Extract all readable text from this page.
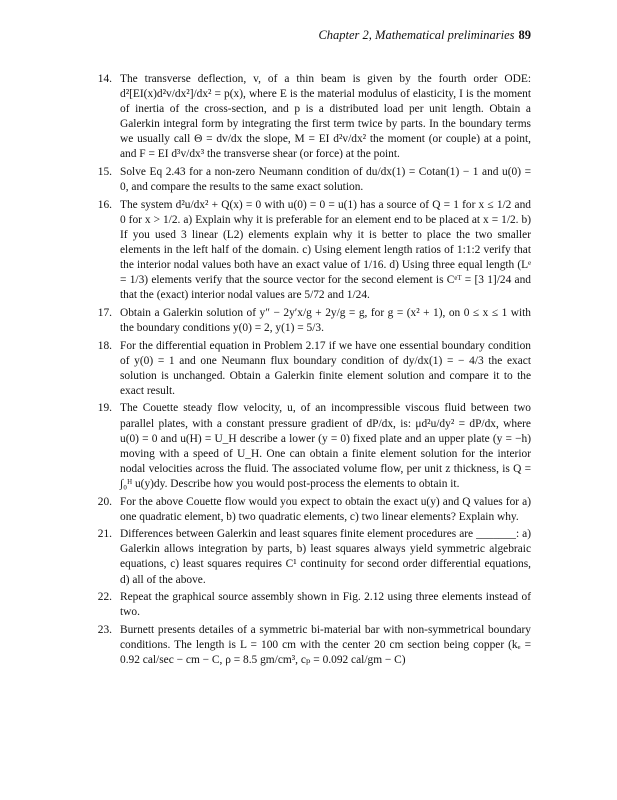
Chapter 2, Mathematical preliminaries 89
14. The transverse deflection, v, of a thin beam is given by the fourth order ODE: d²[EI(x)d²v/dx²]/dx² = p(x), where E is the material modulus of elasticity, I is the moment of inertia of the cross-section, and p is a distributed load per unit length. Obtain a Galerkin integral form by integrating the first term twice by parts. In the boundary terms we usually call Θ = dv/dx the slope, M = EI d²v/dx² the moment (or couple) at a point, and F = EI d³v/dx³ the transverse shear (or force) at the point.
15. Solve Eq 2.43 for a non-zero Neumann condition of du/dx(1) = Cotan(1) − 1 and u(0) = 0, and compare the results to the same exact solution.
16. The system d²u/dx² + Q(x) = 0 with u(0) = 0 = u(1) has a source of Q = 1 for x ≤ 1/2 and 0 for x > 1/2. a) Explain why it is preferable for an element end to be placed at x = 1/2. b) If you used 3 linear (L2) elements explain why it is better to place the two smaller elements in the left half of the domain. c) Using element length ratios of 1:1:2 verify that the interior nodal values both have an exact value of 1/16. d) Using three equal length (Lᵉ = 1/3) elements verify that the source vector for the second element is Cᵉᵀ = [3 1]/24 and that the (exact) interior nodal values are 5/72 and 1/24.
17. Obtain a Galerkin solution of y″ − 2y′x/g + 2y/g = g, for g = (x² + 1), on 0 ≤ x ≤ 1 with the boundary conditions y(0) = 2, y(1) = 5/3.
18. For the differential equation in Problem 2.17 if we have one essential boundary condition of y(0) = 1 and one Neumann flux boundary condition of dy/dx(1) = − 4/3 the exact solution is unchanged. Obtain a Galerkin finite element solution and compare it to the exact result.
19. The Couette steady flow velocity, u, of an incompressible viscous fluid between two parallel plates, with a constant pressure gradient of dP/dx, is: μd²u/dy² = dP/dx, where u(0) = 0 and u(H) = U_H describe a lower (y = 0) fixed plate and an upper plate (y = −h) moving with a speed of U_H. One can obtain a finite element solution for the interior nodal velocities across the fluid. The associated volume flow, per unit z thickness, is Q = ∫₀ᴴ u(y)dy. Describe how you would post-process the elements to obtain it.
20. For the above Couette flow would you expect to obtain the exact u(y) and Q values for a) one quadratic element, b) two quadratic elements, c) two linear elements? Explain why.
21. Differences between Galerkin and least squares finite element procedures are _______: a) Galerkin allows integration by parts, b) least squares always yield symmetric algebraic equations, c) least squares requires C¹ continuity for second order differential equations, d) all of the above.
22. Repeat the graphical source assembly shown in Fig. 2.12 using three elements instead of two.
23. Burnett presents detailes of a symmetric bi-material bar with non-symmetrical boundary conditions. The length is L = 100 cm with the center 20 cm section being copper (kₑ = 0.92 cal/sec − cm − C, ρ = 8.5 gm/cm³, cₚ = 0.092 cal/gm − C)
